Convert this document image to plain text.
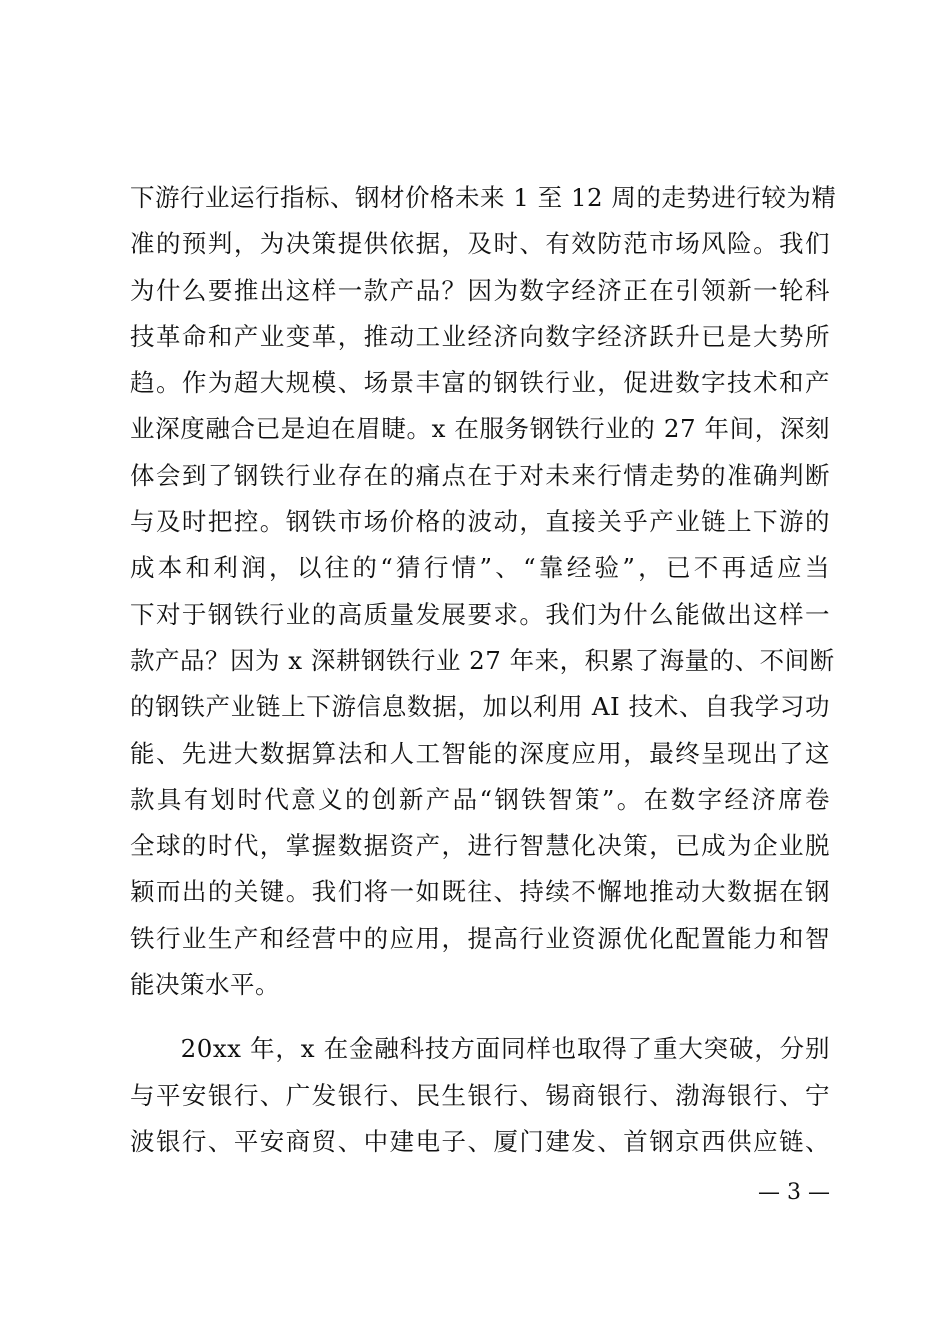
下游行业运行指标、钢材价格未来 1 至 12 周的走势进行较为精
准的预判，为决策提供依据，及时、有效防范市场风险。我们
为什么要推出这样一款产品？因为数字经济正在引领新一轮科
技革命和产业变革，推动工业经济向数字经济跃升已是大势所
趋。作为超大规模、场景丰富的钢铁行业，促进数字技术和产
业深度融合已是迫在眉睫。x 在服务钢铁行业的 27 年间，深刻
体会到了钢铁行业存在的痛点在于对未来行情走势的准确判断
与及时把控。钢铁市场价格的波动，直接关乎产业链上下游的
成本和利润，以往的“猜行情”、“靠经验”，已不再适应当
下对于钢铁行业的高质量发展要求。我们为什么能做出这样一
款产品？因为 x 深耕钢铁行业 27 年来，积累了海量的、不间断
的钢铁产业链上下游信息数据，加以利用 AI 技术、自我学习功
能、先进大数据算法和人工智能的深度应用，最终呈现出了这
款具有划时代意义的创新产品“钢铁智策”。在数字经济席卷
全球的时代，掌握数据资产，进行智慧化决策，已成为企业脱
颖而出的关键。我们将一如既往、持续不懈地推动大数据在钢
铁行业生产和经营中的应用，提高行业资源优化配置能力和智
能决策水平。
　　20xx 年，x 在金融科技方面同样也取得了重大突破，分别
与平安银行、广发银行、民生银行、锡商银行、渤海银行、宁
波银行、平安商贸、中建电子、厦门建发、首钢京西供应链、
— 3 —
